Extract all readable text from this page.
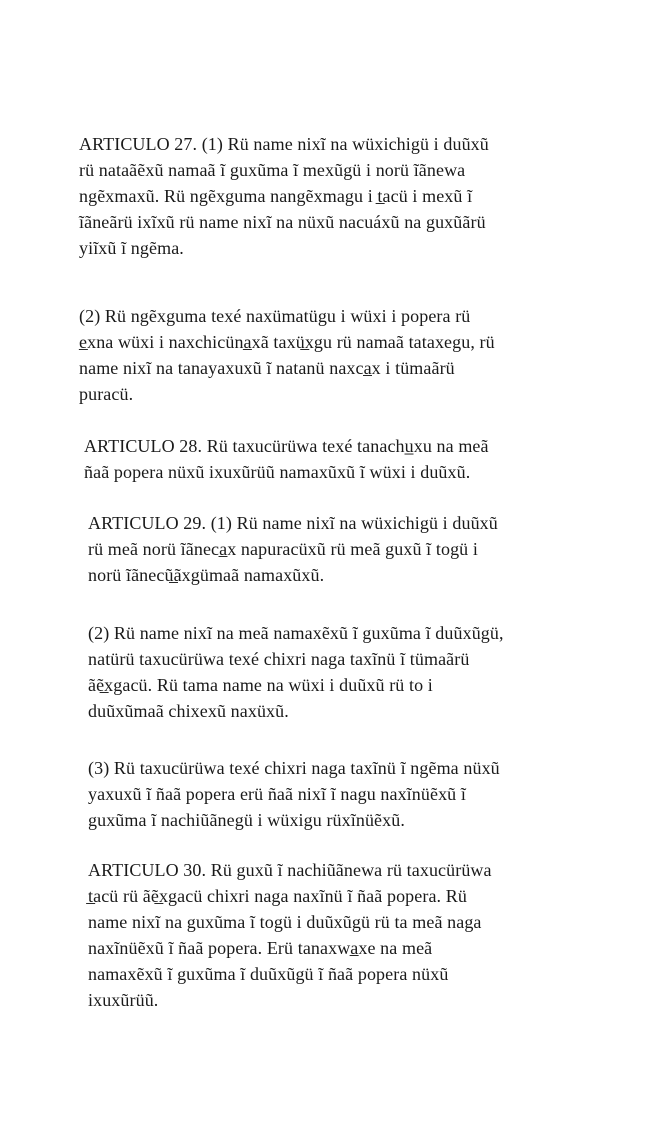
ARTICULO 27. (1) Rü name nixĩ na wüxichigü i duũxũ
rü nataãẽxũ namaã ĩ guxũma ĩ mexũgü i norü ĩãnewa
ngẽxmaxũ. Rü ngẽxguma nangẽxmagu i t̲acü i mexũ ĩ
ĩãneãrü ixĩxũ rü name nixĩ na nüxũ nacuáxũ na guxũãrü
yiĩxũ ĩ ngẽma.

(2) Rü ngẽxguma texé naxümatügu i wüxi i popera rü
e̲xna wüxi i naxchicüna̲xã taxü̲xgu rü namaã tataxegu, rü
name nixĩ na tanayaxuxũ ĩ natanü naxca̲x i tümaãrü
puracü.

ARTICULO 28. Rü taxucürüwa texé tanachu̲xu na meã
ñaã popera nüxũ ixuxũrüũ namaxũxũ ĩ wüxi i duũxũ.

ARTICULO 29. (1) Rü name nixĩ na wüxichigü i duũxũ
rü meã norü ĩãneca̲x napuracüxũ rü meã guxũ ĩ togü i
norü ĩãnecũ̲ãxgümaã namaxũxũ.

(2) Rü name nixĩ na meã namaxẽxũ ĩ guxũma ĩ duũxũgü,
natürü taxucürüwa texé chixri naga taxĩnü ĩ tümaãrü
ãẽ̲xgacü. Rü tama name na wüxi i duũxũ rü to i
duũxũmaã chixexũ naxüxũ.

(3) Rü taxucürüwa texé chixri naga taxĩnü ĩ ngẽma nüxũ
yaxuxũ ĩ ñaã popera erü ñaã nixĩ ĩ nagu naxĩnüẽxũ ĩ
guxũma ĩ nachiũãnegü i wüxigu rüxĩnüẽxũ.

ARTICULO 30. Rü guxũ ĩ nachiũãnewa rü taxucürüwa
t̲acü rü ãẽ̲xgacü chixri naga naxĩnü ĩ ñaã popera. Rü
name nixĩ na guxũma ĩ togü i duũxũgü rü ta meã naga
naxĩnüẽxũ ĩ ñaã popera. Erü tanaxwa̲xe na meã
namaxẽxũ ĩ guxũma ĩ duũxũgü ĩ ñaã popera nüxũ
ixuxũrüũ.
